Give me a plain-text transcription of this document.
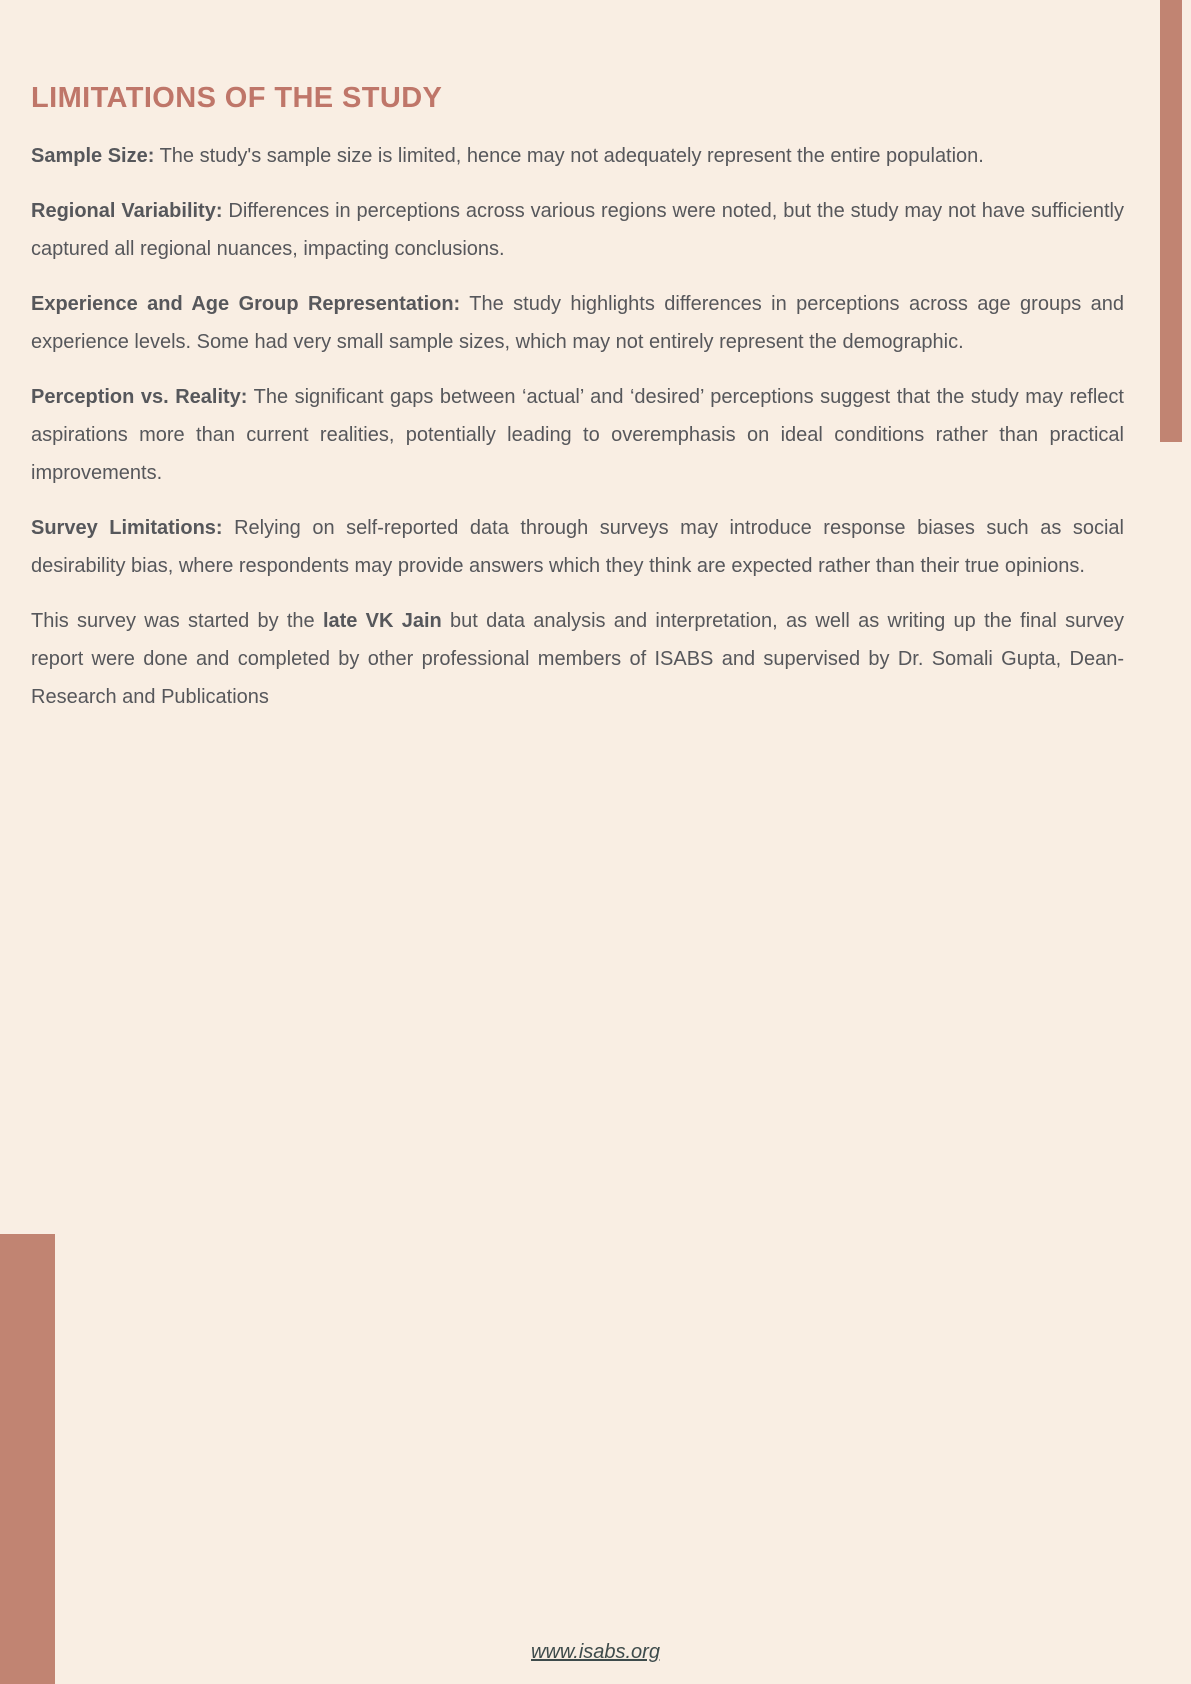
LIMITATIONS OF THE STUDY

Sample Size: The study's sample size is limited, hence may not adequately represent the entire population.

Regional Variability: Differences in perceptions across various regions were noted, but the study may not have sufficiently captured all regional nuances, impacting conclusions.

Experience and Age Group Representation: The study highlights differences in perceptions across age groups and experience levels. Some had very small sample sizes, which may not entirely represent the demographic.

Perception vs. Reality: The significant gaps between ‘actual’ and ‘desired’ perceptions suggest that the study may reflect aspirations more than current realities, potentially leading to overemphasis on ideal conditions rather than practical improvements.

Survey Limitations: Relying on self-reported data through surveys may introduce response biases such as social desirability bias, where respondents may provide answers which they think are expected rather than their true opinions.

This survey was started by the late VK Jain but data analysis and interpretation, as well as writing up the final survey report were done and completed by other professional members of ISABS and supervised by Dr. Somali Gupta, Dean-Research and Publications

www.isabs.org
